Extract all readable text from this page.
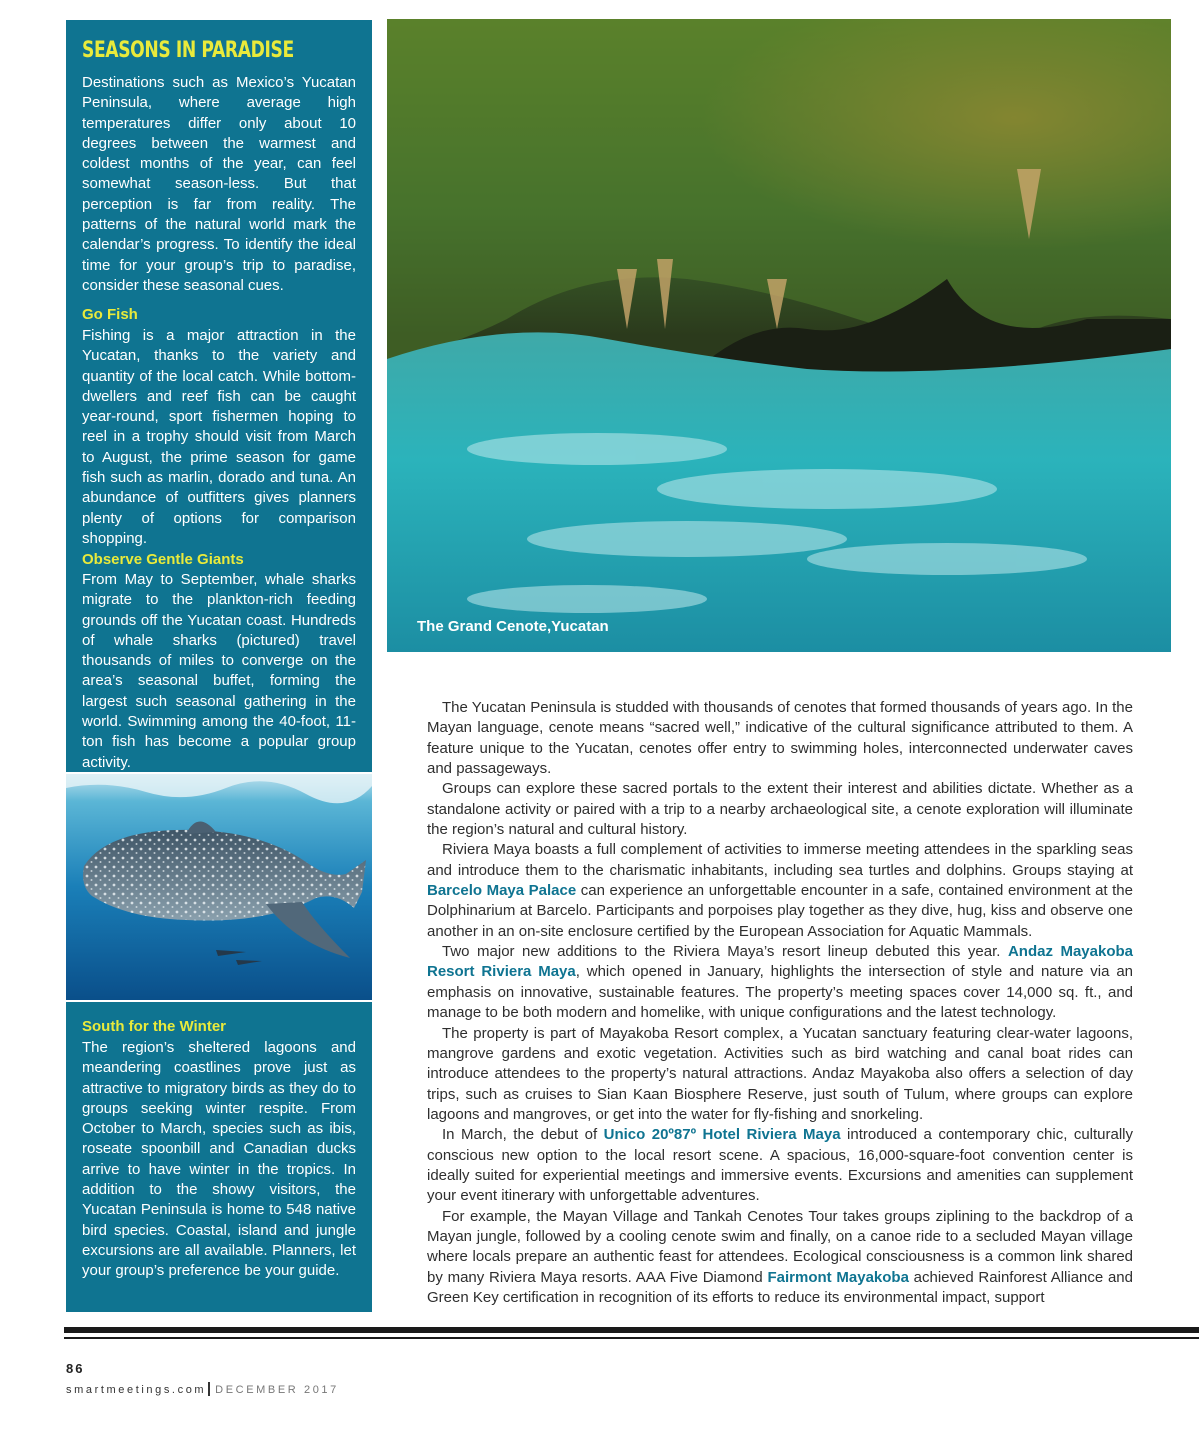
SEASONS IN PARADISE

Destinations such as Mexico’s Yucatan Peninsula, where average high temperatures differ only about 10 degrees between the warmest and coldest months of the year, can feel somewhat season-less. But that perception is far from reality. The patterns of the natural world mark the calendar’s progress. To identify the ideal time for your group’s trip to paradise, consider these seasonal cues.

Go Fish

Fishing is a major attraction in the Yucatan, thanks to the variety and quantity of the local catch. While bottom-dwellers and reef fish can be caught year-round, sport fishermen hoping to reel in a trophy should visit from March to August, the prime season for game fish such as marlin, dorado and tuna. An abundance of outfitters gives planners plenty of options for comparison shopping.

Observe Gentle Giants

From May to September, whale sharks migrate to the plankton-rich feeding grounds off the Yucatan coast. Hundreds of whale sharks (pictured) travel thousands of miles to converge on the area’s seasonal buffet, forming the largest such seasonal gathering in the world. Swimming among the 40-foot, 11-ton fish has become a popular group activity.

South for the Winter

The region’s sheltered lagoons and meandering coastlines prove just as attractive to migratory birds as they do to groups seeking winter respite. From October to March, species such as ibis, roseate spoonbill and Canadian ducks arrive to have winter in the tropics. In addition to the showy visitors, the Yucatan Peninsula is home to 548 native bird species. Coastal, island and jungle excursions are all available. Planners, let your group’s preference be your guide.

The Grand Cenote,Yucatan

The Yucatan Peninsula is studded with thousands of cenotes that formed thousands of years ago. In the Mayan language, cenote means “sacred well,” indicative of the cultural significance attributed to them. A feature unique to the Yucatan, cenotes offer entry to swimming holes, interconnected underwater caves and passageways.

Groups can explore these sacred portals to the extent their interest and abilities dictate. Whether as a standalone activity or paired with a trip to a nearby archaeological site, a cenote exploration will illuminate the region’s natural and cultural history.

Riviera Maya boasts a full complement of activities to immerse meeting attendees in the sparkling seas and introduce them to the charismatic inhabitants, including sea turtles and dolphins. Groups staying at Barcelo Maya Palace can experience an unforgettable encounter in a safe, contained environment at the Dolphinarium at Barcelo. Participants and porpoises play together as they dive, hug, kiss and observe one another in an on-site enclosure certified by the European Association for Aquatic Mammals.

Two major new additions to the Riviera Maya’s resort lineup debuted this year. Andaz Mayakoba Resort Riviera Maya, which opened in January, highlights the intersection of style and nature via an emphasis on innovative, sustainable features. The property’s meeting spaces cover 14,000 sq. ft., and manage to be both modern and homelike, with unique configurations and the latest technology.

The property is part of Mayakoba Resort complex, a Yucatan sanctuary featuring clear-water lagoons, mangrove gardens and exotic vegetation. Activities such as bird watching and canal boat rides can introduce attendees to the property’s natural attractions. Andaz Mayakoba also offers a selection of day trips, such as cruises to Sian Kaan Biosphere Reserve, just south of Tulum, where groups can explore lagoons and mangroves, or get into the water for fly-fishing and snorkeling.

In March, the debut of Unico 20º87º Hotel Riviera Maya introduced a contemporary chic, culturally conscious new option to the local resort scene. A spacious, 16,000-square-foot convention center is ideally suited for experiential meetings and immersive events. Excursions and amenities can supplement your event itinerary with unforgettable adventures.

For example, the Mayan Village and Tankah Cenotes Tour takes groups ziplining to the backdrop of a Mayan jungle, followed by a cooling cenote swim and finally, on a canoe ride to a secluded Mayan village where locals prepare an authentic feast for attendees. Ecological consciousness is a common link shared by many Riviera Maya resorts. AAA Five Diamond Fairmont Mayakoba achieved Rainforest Alliance and Green Key certification in recognition of its efforts to reduce its environmental impact, support

86

smartmeetings.com DECEMBER 2017
